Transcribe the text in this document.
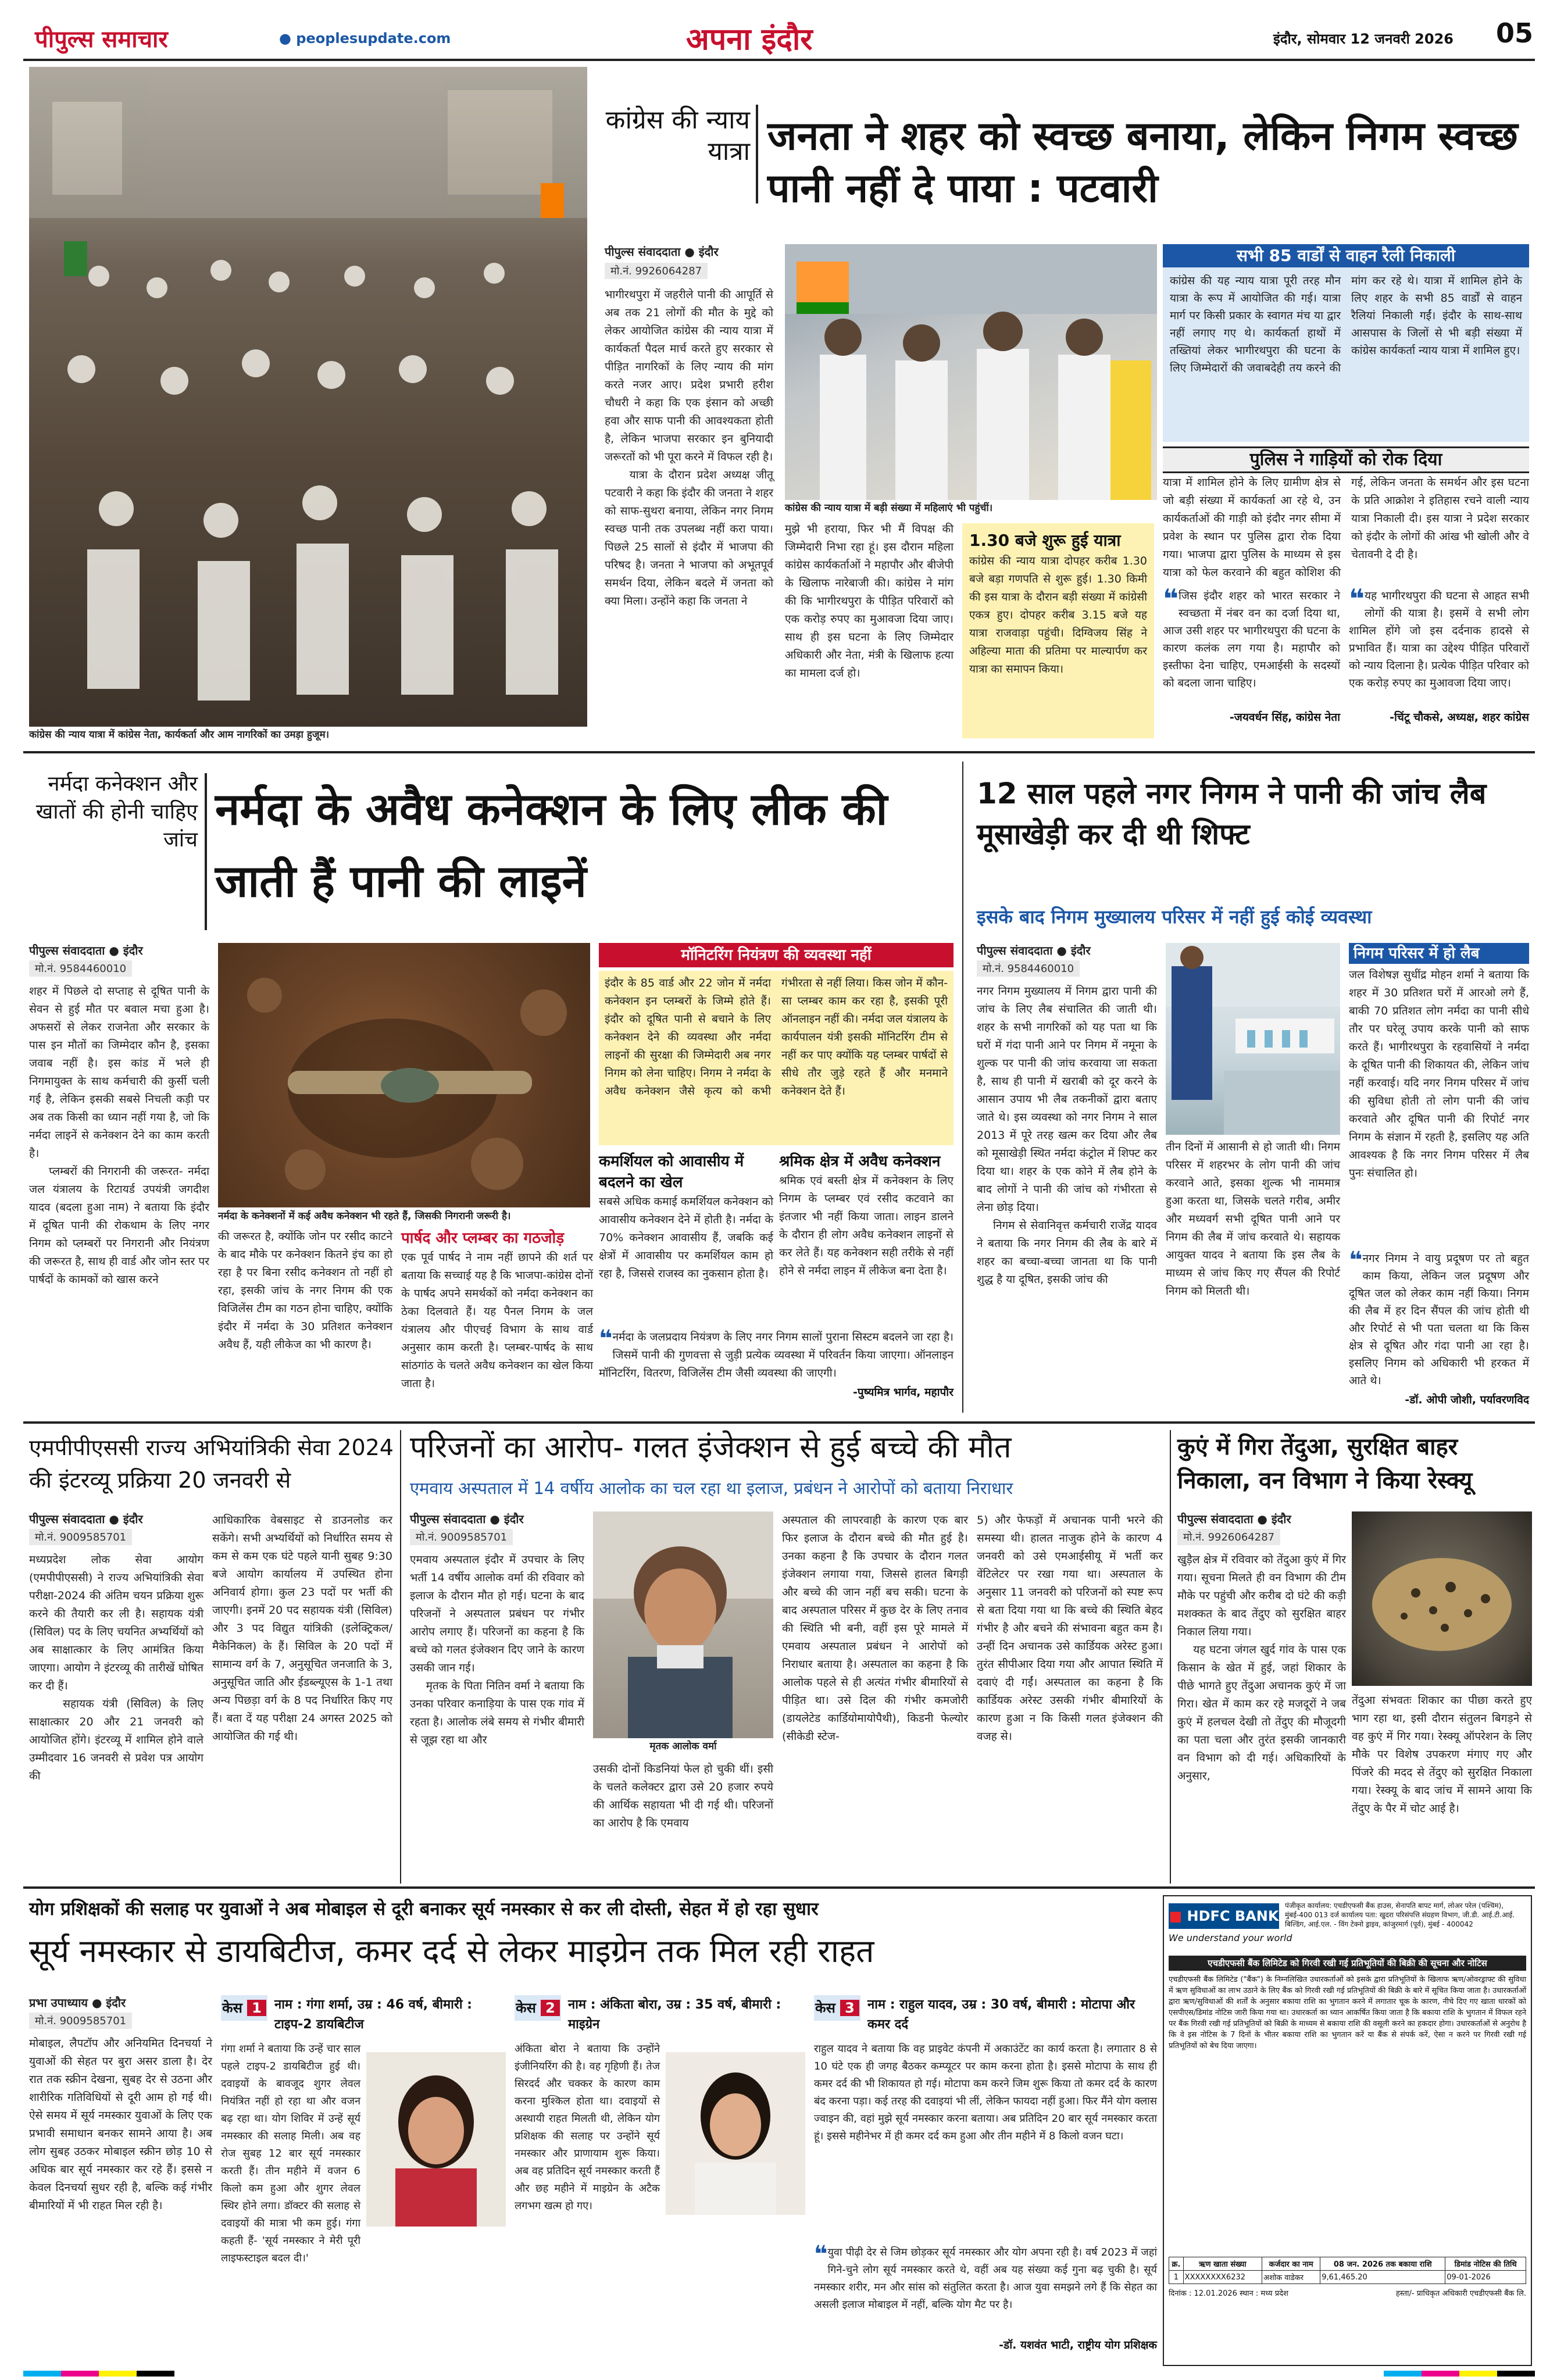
पीपुल्स समाचार	● peoplesupdate.com	अपना इंदौर	इंदौर, सोमवार 12 जनवरी 2026 05
कांग्रेस की न्याय यात्रा में कांग्रेस नेता, कार्यकर्ता और आम नागरिकों का उमड़ा हुजूम।
कांग्रेस की न्याय यात्रा जनता ने शहर को स्वच्छ बनाया, लेकिन निगम स्वच्छ पानी नहीं दे पाया : पटवारी
पीपुल्स संवाददाता ● इंदौर
मो.नं. 9926064287
भागीरथपुरा में जहरीले पानी की आपूर्ति से अब तक 21 लोगों की मौत के मुद्दे को लेकर आयोजित कांग्रेस की न्याय यात्रा में कार्यकर्ता पैदल मार्च करते हुए सरकार से पीड़ित नागरिकों के लिए न्याय की मांग करते नजर आए। प्रदेश प्रभारी हरीश चौधरी ने कहा कि एक इंसान को अच्छी हवा और साफ पानी की आवश्यकता होती है, लेकिन भाजपा सरकार इन बुनियादी जरूरतों को भी पूरा करने में विफल रही है।
यात्रा के दौरान प्रदेश अध्यक्ष जीतू पटवारी ने कहा कि इंदौर की जनता ने शहर को साफ-सुथरा बनाया, लेकिन नगर निगम स्वच्छ पानी तक उपलब्ध नहीं करा पाया। पिछले 25 सालों से इंदौर में भाजपा की परिषद है। जनता ने भाजपा को अभूतपूर्व समर्थन दिया, लेकिन बदले में जनता को क्या मिला। उन्होंने कहा कि जनता ने
कांग्रेस की न्याय यात्रा में बड़ी संख्या में महिलाएं भी पहुंचीं।
मुझे भी हराया, फिर भी मैं विपक्ष की जिम्मेदारी निभा रहा हूं। इस दौरान महिला कांग्रेस कार्यकर्ताओं ने महापौर और बीजेपी के खिलाफ नारेबाजी की। कांग्रेस ने मांग की कि भागीरथपुरा के पीड़ित परिवारों को एक करोड़ रुपए का मुआवजा दिया जाए। साथ ही इस घटना के लिए जिम्मेदार अधिकारी और नेता, मंत्री के खिलाफ हत्या का मामला दर्ज हो।
1.30 बजे शुरू हुई यात्रा
कांग्रेस की न्याय यात्रा दोपहर करीब 1.30 बजे बड़ा गणपति से शुरू हुई। 1.30 किमी की इस यात्रा के दौरान बड़ी संख्या में कांग्रेसी एकत्र हुए। दोपहर करीब 3.15 बजे यह यात्रा राजवाड़ा पहुंची। दिग्विजय सिंह ने अहिल्या माता की प्रतिमा पर माल्यार्पण कर यात्रा का समापन किया।
सभी 85 वार्डों से वाहन रैली निकाली
कांग्रेस की यह न्याय यात्रा पूरी तरह मौन यात्रा के रूप में आयोजित की गई। यात्रा मार्ग पर किसी प्रकार के स्वागत मंच या द्वार नहीं लगाए गए थे। कार्यकर्ता हाथों में तख्तियां लेकर भागीरथपुरा की घटना के लिए जिम्मेदारों की जवाबदेही तय करने की मांग कर रहे थे। यात्रा में शामिल होने के लिए शहर के सभी 85 वार्डों से वाहन रैलियां निकाली गईं। इंदौर के साथ-साथ आसपास के जिलों से भी बड़ी संख्या में कांग्रेस कार्यकर्ता न्याय यात्रा में शामिल हुए।
पुलिस ने गाड़ियों को रोक दिया
यात्रा में शामिल होने के लिए ग्रामीण क्षेत्र से जो बड़ी संख्या में कार्यकर्ता आ रहे थे, उन कार्यकर्ताओं की गाड़ी को इंदौर नगर सीमा में प्रवेश के स्थान पर पुलिस द्वारा रोक दिया गया। भाजपा द्वारा पुलिस के माध्यम से इस यात्रा को फेल करवाने की बहुत कोशिश की गई, लेकिन जनता के समर्थन और इस घटना के प्रति आक्रोश ने इतिहास रचने वाली न्याय यात्रा निकाली दी। इस यात्रा ने प्रदेश सरकार को इंदौर के लोगों की आंख भी खोली और वे चेतावनी दे दी है।
❝ जिस इंदौर शहर को भारत सरकार ने स्वच्छता में नंबर वन का दर्जा दिया था, आज उसी शहर पर भागीरथपुरा की घटना के कारण कलंक लग गया है। महापौर को इस्तीफा देना चाहिए, एमआईसी के सदस्यों को बदला जाना चाहिए।
-जयवर्धन सिंह, कांग्रेस नेता
❝ यह भागीरथपुरा की घटना से आहत सभी लोगों की यात्रा है। इसमें वे सभी लोग शामिल होंगे जो इस दर्दनाक हादसे से प्रभावित हैं। यात्रा का उद्देश्य पीड़ित परिवारों को न्याय दिलाना है। प्रत्येक पीड़ित परिवार को एक करोड़ रुपए का मुआवजा दिया जाए।
-चिंटू चौकसे, अध्यक्ष, शहर कांग्रेस
नर्मदा कनेक्शन और खातों की होनी चाहिए जांच
नर्मदा के अवैध कनेक्शन के लिए लीक की जाती हैं पानी की लाइनें
पीपुल्स संवाददाता ● इंदौर
मो.नं. 9584460010
शहर में पिछले दो सप्ताह से दूषित पानी के सेवन से हुई मौत पर बवाल मचा हुआ है। अफसरों से लेकर राजनेता और सरकार के पास इन मौतों का जिम्मेदार कौन है, इसका जवाब नहीं है। इस कांड में भले ही निगमायुक्त के साथ कर्मचारी की कुर्सी चली गई है, लेकिन इसकी सबसे निचली कड़ी पर अब तक किसी का ध्यान नहीं गया है, जो कि नर्मदा लाइनें से कनेक्शन देने का काम करती है।
प्लम्बरों की निगरानी की जरूरत- नर्मदा जल यंत्रालय के रिटायर्ड उपयंत्री जगदीश यादव (बदला हुआ नाम) ने बताया कि इंदौर में दूषित पानी की रोकथाम के लिए नगर निगम को प्लम्बरों पर निगरानी और नियंत्रण की जरूरत है, साथ ही वार्ड और जोन स्तर पर पार्षदों के कामकों को खास करने
नर्मदा के कनेक्शनों में कई अवैध कनेक्शन भी रहते हैं, जिसकी निगरानी जरूरी है।
की जरूरत है, क्योंकि जोन पर रसीद काटने के बाद मौके पर कनेक्शन कितने इंच का हो रहा है पर बिना रसीद कनेक्शन तो नहीं हो रहा, इसकी जांच के नगर निगम की एक विजिलेंस टीम का गठन होना चाहिए, क्योंकि इंदौर में नर्मदा के 30 प्रतिशत कनेक्शन अवैध हैं, यही लीकेज का भी कारण है।
पार्षद और प्लम्बर का गठजोड़
एक पूर्व पार्षद ने नाम नहीं छापने की शर्त पर बताया कि सच्चाई यह है कि भाजपा-कांग्रेस दोनों के पार्षद अपने समर्थकों को नर्मदा कनेक्शन का ठेका दिलवाते हैं। यह पैनल निगम के जल यंत्रालय और पीएचई विभाग के साथ वार्ड अनुसार काम करती है। प्लम्बर-पार्षद के साथ सांठगांठ के चलते अवैध कनेक्शन का खेल किया जाता है।
मॉनिटरिंग नियंत्रण की व्यवस्था नहीं
इंदौर के 85 वार्ड और 22 जोन में नर्मदा कनेक्शन इन प्लम्बरों के जिम्मे होते हैं। इंदौर को दूषित पानी से बचाने के लिए कनेक्शन देने की व्यवस्था और नर्मदा लाइनों की सुरक्षा की जिम्मेदारी अब नगर निगम को लेना चाहिए। निगम ने नर्मदा के अवैध कनेक्शन जैसे कृत्य को कभी गंभीरता से नहीं लिया। किस जोन में कौन-सा प्लम्बर काम कर रहा है, इसकी पूरी ऑनलाइन नहीं की। नर्मदा जल यंत्रालय के कार्यपालन यंत्री इसकी मॉनिटरिंग टीम से नहीं कर पाए क्योंकि यह प्लम्बर पार्षदों से सीधे तौर जुड़े रहते हैं और मनमाने कनेक्शन देते हैं।
कमर्शियल को आवासीय में बदलने का खेल
सबसे अधिक कमाई कमर्शियल कनेक्शन को आवासीय कनेक्शन देने में होती है। नर्मदा के 70% कनेक्शन आवासीय हैं, जबकि कई क्षेत्रों में आवासीय पर कमर्शियल काम हो रहा है, जिससे राजस्व का नुकसान होता है।
श्रमिक क्षेत्र में अवैध कनेक्शन
श्रमिक एवं बस्ती क्षेत्र में कनेक्शन के लिए निगम के प्लम्बर एवं रसीद कटवाने का इंतजार भी नहीं किया जाता। लाइन डालने के दौरान ही लोग अवैध कनेक्शन लाइनों से कर लेते हैं। यह कनेक्शन सही तरीके से नहीं होने से नर्मदा लाइन में लीकेज बना देता है।
❝ नर्मदा के जलप्रदाय नियंत्रण के लिए नगर निगम सालों पुराना सिस्टम बदलने जा रहा है। जिसमें पानी की गुणवत्ता से जुड़ी प्रत्येक व्यवस्था में परिवर्तन किया जाएगा। ऑनलाइन मॉनिटरिंग, वितरण, विजिलेंस टीम जैसी व्यवस्था की जाएगी।
-पुष्यमित्र भार्गव, महापौर
12 साल पहले नगर निगम ने पानी की जांच लैब मूसाखेड़ी कर दी थी शिफ्ट
इसके बाद निगम मुख्यालय परिसर में नहीं हुई कोई व्यवस्था
पीपुल्स संवाददाता ● इंदौर
मो.नं. 9584460010
नगर निगम मुख्यालय में निगम द्वारा पानी की जांच के लिए लैब संचालित की जाती थी। शहर के सभी नागरिकों को यह पता था कि घरों में गंदा पानी आने पर निगम में नमूना के शुल्क पर पानी की जांच करवाया जा सकता है, साथ ही पानी में खराबी को दूर करने के आसान उपाय भी लैब तकनीकों द्वारा बताए जाते थे। इस व्यवस्था को नगर निगम ने साल 2013 में पूरे तरह खत्म कर दिया और लैब को मूसाखेड़ी स्थित नर्मदा कंट्रोल में शिफ्ट कर दिया था। शहर के एक कोने में लैब होने के बाद लोगों ने पानी की जांच को गंभीरता से लेना छोड़ दिया।
निगम से सेवानिवृत्त कर्मचारी राजेंद्र यादव ने बताया कि नगर निगम की लैब के बारे में शहर का बच्चा-बच्चा जानता था कि पानी शुद्ध है या दूषित, इसकी जांच की
तीन दिनों में आसानी से हो जाती थी। निगम परिसर में शहरभर के लोग पानी की जांच करवाने आते, इसका शुल्क भी नाममात्र हुआ करता था, जिसके चलते गरीब, अमीर और मध्यवर्ग सभी दूषित पानी आने पर निगम की लैब में जांच करवाते थे। सहायक आयुक्त यादव ने बताया कि इस लैब के माध्यम से जांच किए गए सैंपल की रिपोर्ट निगम को मिलती थी।
निगम परिसर में हो लैब
जल विशेषज्ञ सुधींद्र मोहन शर्मा ने बताया कि शहर में 30 प्रतिशत घरों में आरओ लगे हैं, बाकी 70 प्रतिशत लोग नर्मदा का पानी सीधे तौर पर घरेलू उपाय करके पानी को साफ करते हैं। भागीरथपुरा के रहवासियों ने नर्मदा के दूषित पानी की शिकायत की, लेकिन जांच नहीं करवाई। यदि नगर निगम परिसर में जांच की सुविधा होती तो लोग पानी की जांच करवाते और दूषित पानी की रिपोर्ट नगर निगम के संज्ञान में रहती है, इसलिए यह अति आवश्यक है कि नगर निगम परिसर में लैब पुनः संचालित हो।
❝ नगर निगम ने वायु प्रदूषण पर तो बहुत काम किया, लेकिन जल प्रदूषण और दूषित जल को लेकर काम नहीं किया। निगम की लैब में हर दिन सैंपल की जांच होती थी और रिपोर्ट से भी पता चलता था कि किस क्षेत्र से दूषित और गंदा पानी आ रहा है। इसलिए निगम को अधिकारी भी हरकत में आते थे।
-डॉ. ओपी जोशी, पर्यावरणविद
एमपीपीएससी राज्य अभियांत्रिकी सेवा 2024 की इंटरव्यू प्रक्रिया 20 जनवरी से
पीपुल्स संवाददाता ● इंदौर
मो.नं. 9009585701
मध्यप्रदेश लोक सेवा आयोग (एमपीपीएससी) ने राज्य अभियांत्रिकी सेवा परीक्षा-2024 की अंतिम चयन प्रक्रिया शुरू करने की तैयारी कर ली है। सहायक यंत्री (सिविल) पद के लिए चयनित अभ्यर्थियों को अब साक्षात्कार के लिए आमंत्रित किया जाएगा। आयोग ने इंटरव्यू की तारीखें घोषित कर दी हैं।
सहायक यंत्री (सिविल) के लिए साक्षात्कार 20 और 21 जनवरी को आयोजित होंगे। इंटरव्यू में शामिल होने वाले उम्मीदवार 16 जनवरी से प्रवेश पत्र आयोग की
आधिकारिक वेबसाइट से डाउनलोड कर सकेंगे। सभी अभ्यर्थियों को निर्धारित समय से कम से कम एक घंटे पहले यानी सुबह 9:30 बजे आयोग कार्यालय में उपस्थित होना अनिवार्य होगा। कुल 23 पदों पर भर्ती की जाएगी। इनमें 20 पद सहायक यंत्री (सिविल) और 3 पद विद्युत यांत्रिकी (इलेक्ट्रिकल/मैकेनिकल) के हैं। सिविल के 20 पदों में सामान्य वर्ग के 7, अनुसूचित जनजाति के 3, अनुसूचित जाति और ईडब्ल्यूएस के 1-1 तथा अन्य पिछड़ा वर्ग के 8 पद निर्धारित किए गए हैं। बता दें यह परीक्षा 24 अगस्त 2025 को आयोजित की गई थी।
परिजनों का आरोप- गलत इंजेक्शन से हुई बच्चे की मौत
एमवाय अस्पताल में 14 वर्षीय आलोक का चल रहा था इलाज, प्रबंधन ने आरोपों को बताया निराधार
पीपुल्स संवाददाता ● इंदौर
मो.नं. 9009585701
एमवाय अस्पताल इंदौर में उपचार के लिए भर्ती 14 वर्षीय आलोक वर्मा की रविवार को इलाज के दौरान मौत हो गई। घटना के बाद परिजनों ने अस्पताल प्रबंधन पर गंभीर आरोप लगाए हैं। परिजनों का कहना है कि बच्चे को गलत इंजेक्शन दिए जाने के कारण उसकी जान गई।
मृतक के पिता नितिन वर्मा ने बताया कि उनका परिवार कनाड़िया के पास एक गांव में रहता है। आलोक लंबे समय से गंभीर बीमारी से जूझ रहा था और	मृतक आलोक वर्मा
उसकी दोनों किडनियां फेल हो चुकी थीं। इसी के चलते कलेक्टर द्वारा उसे 20 हजार रुपये की आर्थिक सहायता भी दी गई थी। परिजनों का आरोप है कि एमवाय
अस्पताल की लापरवाही के कारण एक बार फिर इलाज के दौरान बच्चे की मौत हुई है। उनका कहना है कि उपचार के दौरान गलत इंजेक्शन लगाया गया, जिससे हालत बिगड़ी और बच्चे की जान नहीं बच सकी। घटना के बाद अस्पताल परिसर में कुछ देर के लिए तनाव की स्थिति भी बनी, वहीं इस पूरे मामले में एमवाय अस्पताल प्रबंधन ने आरोपों को निराधार बताया है। अस्पताल का कहना है कि आलोक पहले से ही अत्यंत गंभीर बीमारियों से पीड़ित था। उसे दिल की गंभीर कमजोरी (डायलेटेड कार्डियोमायोपैथी), किडनी फेल्योर (सीकेडी स्टेज-
5) और फेफड़ों में अचानक पानी भरने की समस्या थी। हालत नाजुक होने के कारण 4 जनवरी को उसे एमआईसीयू में भर्ती कर वेंटिलेटर पर रखा गया था। अस्पताल के अनुसार 11 जनवरी को परिजनों को स्पष्ट रूप से बता दिया गया था कि बच्चे की स्थिति बेहद गंभीर है और बचने की संभावना बहुत कम है। उन्हीं दिन अचानक उसे कार्डियक अरेस्ट हुआ। तुरंत सीपीआर दिया गया और आपात स्थिति में दवाएं दी गईं। अस्पताल का कहना है कि कार्डियक अरेस्ट उसकी गंभीर बीमारियों के कारण हुआ न कि किसी गलत इंजेक्शन की वजह से।
कुएं में गिरा तेंदुआ, सुरक्षित बाहर निकाला, वन विभाग ने किया रेस्क्यू
पीपुल्स संवाददाता ● इंदौर
मो.नं. 9926064287
खुड़ैल क्षेत्र में रविवार को तेंदुआ कुएं में गिर गया। सूचना मिलते ही वन विभाग की टीम मौके पर पहुंची और करीब दो घंटे की कड़ी मशक्कत के बाद तेंदुए को सुरक्षित बाहर निकाल लिया गया।
यह घटना जंगल खुर्द गांव के पास एक किसान के खेत में हुई, जहां शिकार के पीछे भागते हुए तेंदुआ अचानक कुएं में जा गिरा। खेत में काम कर रहे मजदूरों ने जब कुएं में हलचल देखी तो तेंदुए की मौजूदगी का पता चला और तुरंत इसकी जानकारी वन विभाग को दी गई। अधिकारियों के अनुसार,
तेंदुआ संभवतः शिकार का पीछा करते हुए भाग रहा था, इसी दौरान संतुलन बिगड़ने से वह कुएं में गिर गया। रेस्क्यू ऑपरेशन के लिए मौके पर विशेष उपकरण मंगाए गए और पिंजरे की मदद से तेंदुए को सुरक्षित निकाला गया। रेस्क्यू के बाद जांच में सामने आया कि तेंदुए के पैर में चोट आई है।
योग प्रशिक्षकों की सलाह पर युवाओं ने अब मोबाइल से दूरी बनाकर सूर्य नमस्कार से कर ली दोस्ती, सेहत में हो रहा सुधार
सूर्य नमस्कार से डायबिटीज, कमर दर्द से लेकर माइग्रेन तक मिल रही राहत
प्रभा उपाध्याय ● इंदौर
मो.नं. 9009585701
मोबाइल, लैपटॉप और अनियमित दिनचर्या ने युवाओं की सेहत पर बुरा असर डाला है। देर रात तक स्क्रीन देखना, सुबह देर से उठना और शारीरिक गतिविधियों से दूरी आम हो गई थी। ऐसे समय में सूर्य नमस्कार युवाओं के लिए एक प्रभावी समाधान बनकर सामने आया है। अब लोग सुबह उठकर मोबाइल स्क्रीन छोड़ 10 से अधिक बार सूर्य नमस्कार कर रहे हैं। इससे न केवल दिनचर्या सुधर रही है, बल्कि कई गंभीर बीमारियों में भी राहत मिल रही है।
केस 1	नाम : गंगा शर्मा, उम्र : 46 वर्ष, बीमारी : टाइप-2 डायबिटीज
गंगा शर्मा ने बताया कि उन्हें चार साल पहले टाइप-2 डायबिटीज हुई थी। दवाइयों के बावजूद शुगर लेवल नियंत्रित नहीं हो रहा था और वजन बढ़ रहा था। योग शिविर में उन्हें सूर्य नमस्कार की सलाह मिली। अब वह रोज सुबह 12 बार सूर्य नमस्कार करती हैं। तीन महीने में वजन 6 किलो कम हुआ और शुगर लेवल स्थिर होने लगा। डॉक्टर की सलाह से दवाइयों की मात्रा भी कम हुई। गंगा कहती हैं- 'सूर्य नमस्कार ने मेरी पूरी लाइफस्टाइल बदल दी।'
केस 2	नाम : अंकिता बोरा, उम्र : 35 वर्ष, बीमारी : माइग्रेन
अंकिता बोरा ने बताया कि उन्होंने इंजीनियरिंग की है। वह गृहिणी हैं। तेज सिरदर्द और चक्कर के कारण काम करना मुश्किल होता था। दवाइयों से अस्थायी राहत मिलती थी, लेकिन योग प्रशिक्षक की सलाह पर उन्होंने सूर्य नमस्कार और प्राणायाम शुरू किया। अब वह प्रतिदिन सूर्य नमस्कार करती हैं और छह महीने में माइग्रेन के अटैक लगभग खत्म हो गए।
केस 3	नाम : राहुल यादव, उम्र : 30 वर्ष, बीमारी : मोटापा और कमर दर्द
राहुल यादव ने बताया कि वह प्राइवेट कंपनी में अकाउंटेंट का कार्य करता है। लगातार 8 से 10 घंटे एक ही जगह बैठकर कम्प्यूटर पर काम करना होता है। इससे मोटापा के साथ ही कमर दर्द की भी शिकायत हो गई। मोटापा कम करने जिम शुरू किया तो कमर दर्द के कारण बंद करना पड़ा। कई तरह की दवाइयां भी लीं, लेकिन फायदा नहीं हुआ। फिर मैंने योग क्लास ज्वाइन की, वहां मुझे सूर्य नमस्कार करना बताया। अब प्रतिदिन 20 बार सूर्य नमस्कार करता हूं। इससे महीनेभर में ही कमर दर्द कम हुआ और तीन महीने में 8 किलो वजन घटा।
❝ युवा पीढ़ी देर से जिम छोड़कर सूर्य नमस्कार और योग अपना रही है। वर्ष 2023 में जहां गिने-चुने लोग सूर्य नमस्कार करते थे, वहीं अब यह संख्या कई गुना बढ़ चुकी है। सूर्य नमस्कार शरीर, मन और सांस को संतुलित करता है। आज युवा समझने लगे हैं कि सेहत का असली इलाज मोबाइल में नहीं, बल्कि योग मैट पर है।
-डॉ. यशवंत भाटी, राष्ट्रीय योग प्रशिक्षक
■ HDFC BANK
We understand your world
पंजीकृत कार्यालय: एचडीएफसी बैंक हाउस, सेनापति बापट मार्ग, लोअर परेल (पश्चिम), मुंबई-400 013 दर्ज कार्यालय पता: खुदरा परिसंपत्ति संग्रहण विभाग, जी.डी. आई.टी.आई. बिल्डिंग, आई.एल. - विंग टेक्नो ड्राइव, कांजुरमार्ग (पूर्व), मुंबई - 400042
एचडीएफसी बैंक लिमिटेड को गिरवी रखी गई प्रतिभूतियों की बिक्री की सूचना और नोटिस
एचडीएफसी बैंक लिमिटेड ("बैंक") के निम्नलिखित उधारकर्ताओं को इसके द्वारा प्रतिभूतियों के खिलाफ ऋण/ओवरड्राफ्ट की सुविधा में ऋण सुविधाओं का लाभ उठाने के लिए बैंक को गिरवी रखी गई प्रतिभूतियों की बिक्री के बारे में सूचित किया जाता है। उधारकर्ताओं द्वारा ऋण/सुविधाओं की शर्तों के अनुसार बकाया राशि का भुगतान करने में लगातार चूक के कारण, नीचे दिए गए खाता धारकों को एसपीएस/डिमांड नोटिस जारी किया गया था। उधारकर्ता का ध्यान आकर्षित किया जाता है कि बकाया राशि के भुगतान में विफल रहने पर बैंक गिरवी रखी गई प्रतिभूतियों को बिक्री के माध्यम से बकाया राशि की वसूली करने का हकदार होगा। उधारकर्ताओं से अनुरोध है कि वे इस नोटिस के 7 दिनों के भीतर बकाया राशि का भुगतान करें या बैंक से संपर्क करें, ऐसा न करने पर गिरवी रखी गई प्रतिभूतियों को बेच दिया जाएगा।
क्र.	ऋण खाता संख्या	कर्जदार का नाम	08 जन. 2026 तक बकाया राशि	डिमांड नोटिस की तिथि
1	XXXXXXXX6232	अशोक वाडेकर	9,61,465.20	09-01-2026
दिनांक : 12.01.2026 स्थान : मध्य प्रदेश	हस्ता/- प्राधिकृत अधिकारी एचडीएफसी बैंक लि.
